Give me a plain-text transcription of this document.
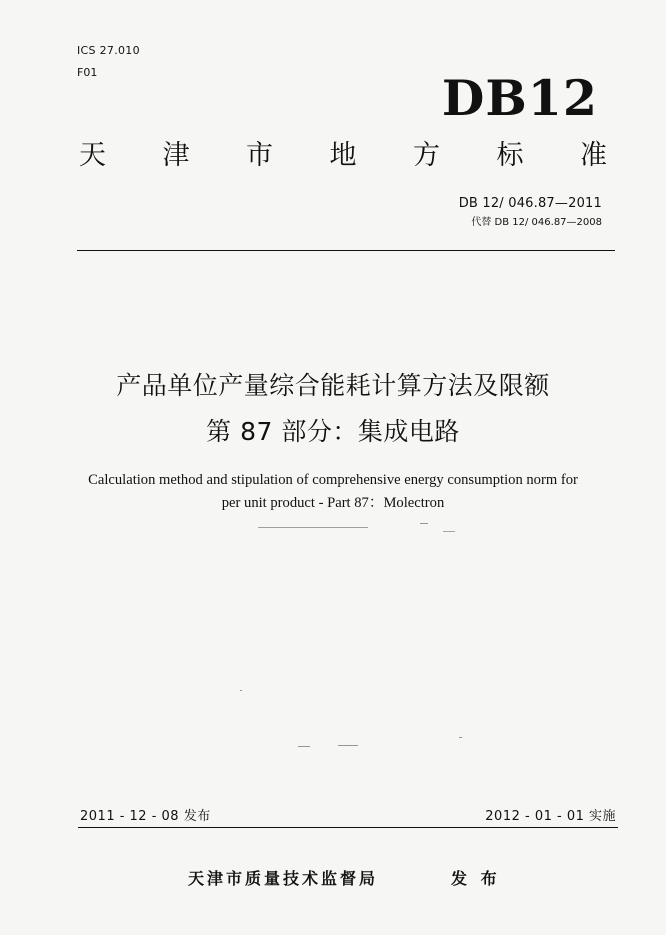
ICS 27.010
F01	DB12
天 津 市 地 方 标 准
DB 12/ 046.87—2011
代替 DB 12/ 046.87—2008
产品单位产量综合能耗计算方法及限额
第 87 部分：集成电路
Calculation method and stipulation of comprehensive energy consumption norm for
per unit product - Part 87：Molectron
2011 - 12 - 08 发布	2012 - 01 - 01 实施
天津市质量技术监督局	发 布
